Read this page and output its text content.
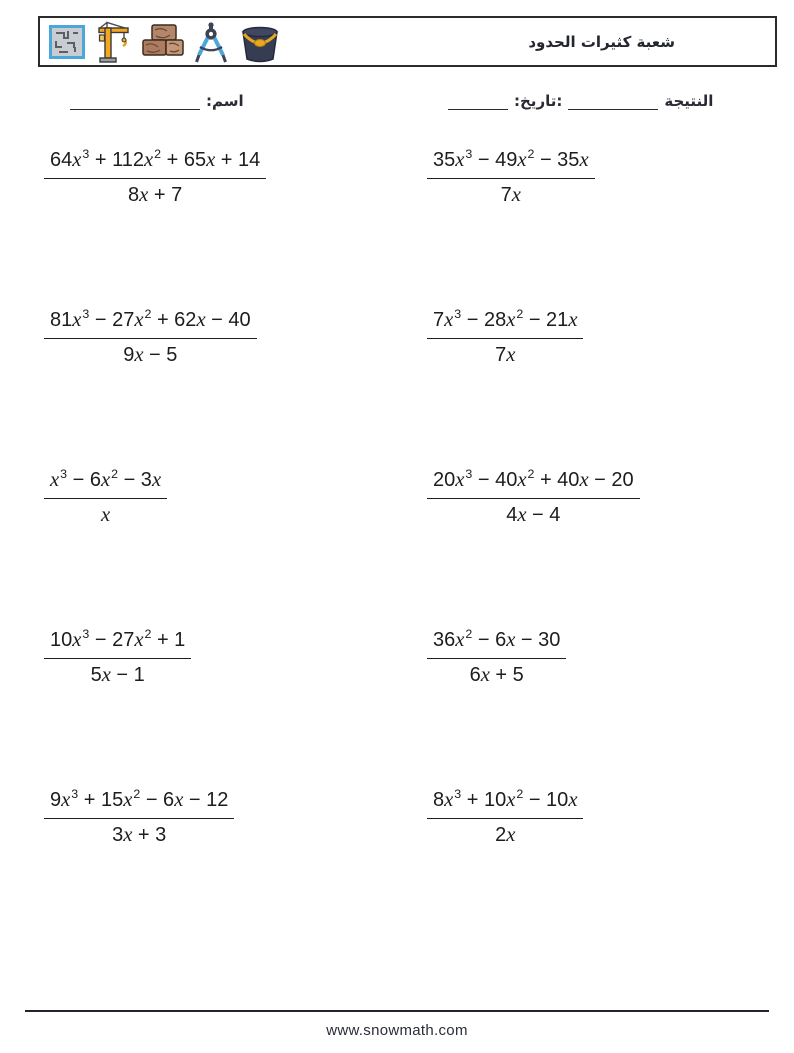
شعبة كثيرات الحدود
:اسم	:تاريخ:	النتيجة
$\frac{64x^3 + 112x^2 + 65x + 14}{8x + 7}$	$\frac{35x^3 - 49x^2 - 35x}{7x}$
$\frac{81x^3 - 27x^2 + 62x - 40}{9x - 5}$	$\frac{7x^3 - 28x^2 - 21x}{7x}$
$\frac{x^3 - 6x^2 - 3x}{x}$	$\frac{20x^3 - 40x^2 + 40x - 20}{4x - 4}$
$\frac{10x^3 - 27x^2 + 1}{5x - 1}$	$\frac{36x^2 - 6x - 30}{6x + 5}$
$\frac{9x^3 + 15x^2 - 6x - 12}{3x + 3}$	$\frac{8x^3 + 10x^2 - 10x}{2x}$
www.snowmath.com
